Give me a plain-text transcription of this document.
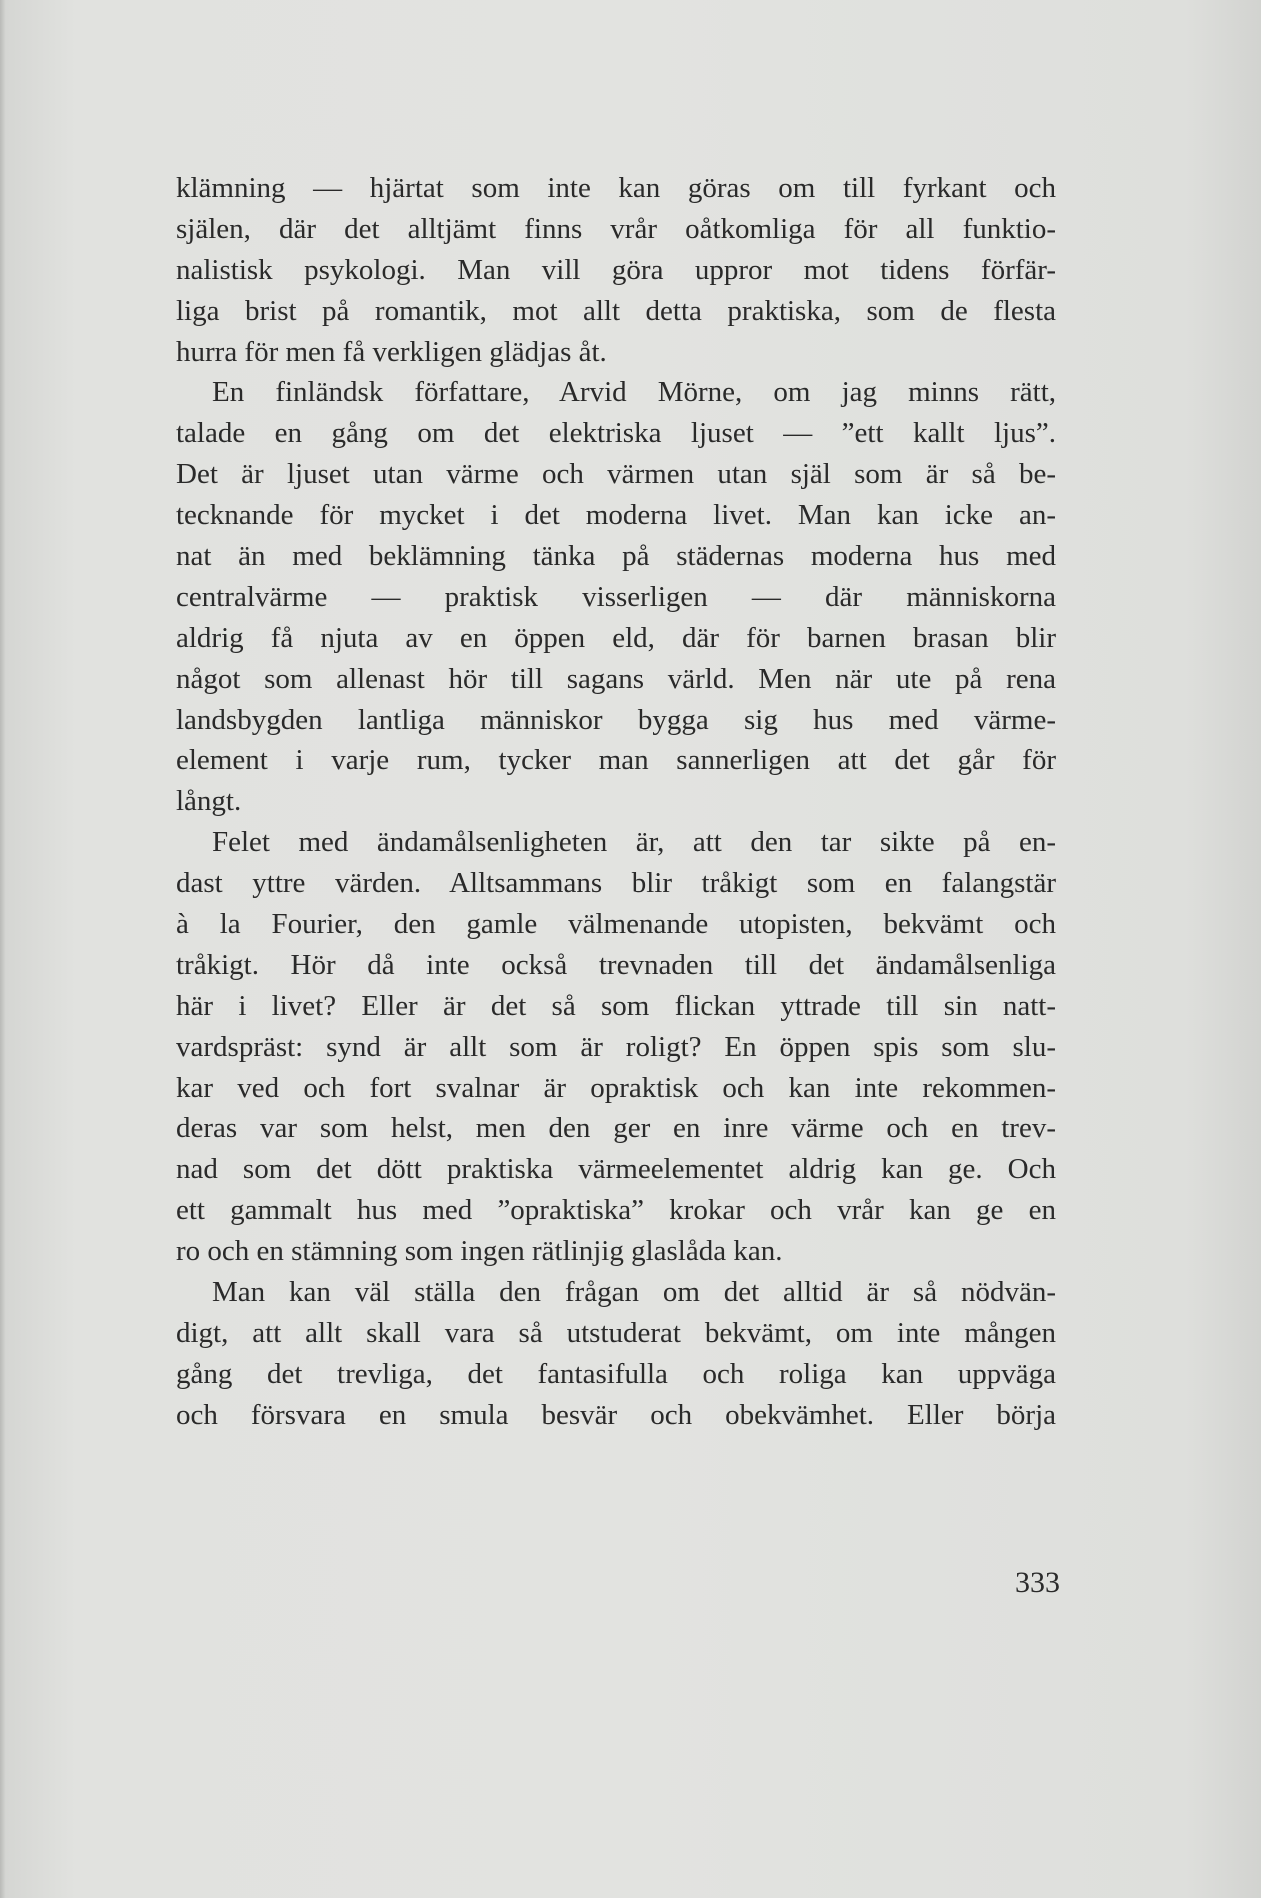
klämning — hjärtat som inte kan göras om till fyrkant och
själen, där det alltjämt finns vrår oåtkomliga för all funktio-
nalistisk psykologi. Man vill göra uppror mot tidens förfär-
liga brist på romantik, mot allt detta praktiska, som de flesta
hurra för men få verkligen glädjas åt.
En finländsk författare, Arvid Mörne, om jag minns rätt,
talade en gång om det elektriska ljuset — ”ett kallt ljus”.
Det är ljuset utan värme och värmen utan själ som är så be-
tecknande för mycket i det moderna livet. Man kan icke an-
nat än med beklämning tänka på städernas moderna hus med
centralvärme — praktisk visserligen — där människorna
aldrig få njuta av en öppen eld, där för barnen brasan blir
något som allenast hör till sagans värld. Men när ute på rena
landsbygden lantliga människor bygga sig hus med värme-
element i varje rum, tycker man sannerligen att det går för
långt.
Felet med ändamålsenligheten är, att den tar sikte på en-
dast yttre värden. Alltsammans blir tråkigt som en falangstär
à la Fourier, den gamle välmenande utopisten, bekvämt och
tråkigt. Hör då inte också trevnaden till det ändamålsenliga
här i livet? Eller är det så som flickan yttrade till sin natt-
vardspräst: synd är allt som är roligt? En öppen spis som slu-
kar ved och fort svalnar är opraktisk och kan inte rekommen-
deras var som helst, men den ger en inre värme och en trev-
nad som det dött praktiska värmeelementet aldrig kan ge. Och
ett gammalt hus med ”opraktiska” krokar och vrår kan ge en
ro och en stämning som ingen rätlinjig glaslåda kan.
Man kan väl ställa den frågan om det alltid är så nödvän-
digt, att allt skall vara så utstuderat bekvämt, om inte mången
gång det trevliga, det fantasifulla och roliga kan uppväga
och försvara en smula besvär och obekvämhet. Eller börja
333
